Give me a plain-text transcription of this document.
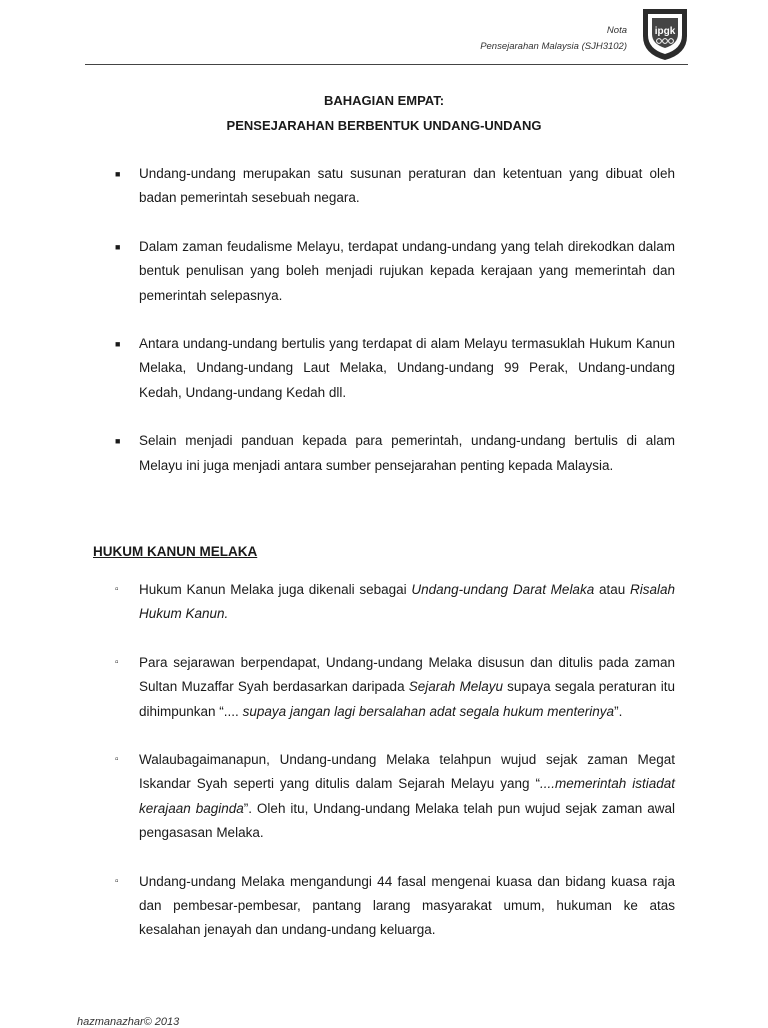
Nota
Pensejarahan Malaysia (SJH3102)
ipgk
BAHAGIAN EMPAT:
PENSEJARAHAN BERBENTUK UNDANG-UNDANG
■ Undang-undang merupakan satu susunan peraturan dan ketentuan yang dibuat oleh badan pemerintah sesebuah negara.
■ Dalam zaman feudalisme Melayu, terdapat undang-undang yang telah direkodkan dalam bentuk penulisan yang boleh menjadi rujukan kepada kerajaan yang memerintah dan pemerintah selepasnya.
■ Antara undang-undang bertulis yang terdapat di alam Melayu termasuklah Hukum Kanun Melaka, Undang-undang Laut Melaka, Undang-undang 99 Perak, Undang-undang Kedah, Undang-undang Kedah dll.
■ Selain menjadi panduan kepada para pemerintah, undang-undang bertulis di alam Melayu ini juga menjadi antara sumber pensejarahan penting kepada Malaysia.
HUKUM KANUN MELAKA
▫ Hukum Kanun Melaka juga dikenali sebagai Undang-undang Darat Melaka atau Risalah Hukum Kanun.
▫ Para sejarawan berpendapat, Undang-undang Melaka disusun dan ditulis pada zaman Sultan Muzaffar Syah berdasarkan daripada Sejarah Melayu supaya segala peraturan itu dihimpunkan “.... supaya jangan lagi bersalahan adat segala hukum menterinya”.
▫ Walaubagaimanapun, Undang-undang Melaka telahpun wujud sejak zaman Megat Iskandar Syah seperti yang ditulis dalam Sejarah Melayu yang “....memerintah istiadat kerajaan baginda”. Oleh itu, Undang-undang Melaka telah pun wujud sejak zaman awal pengasasan Melaka.
▫ Undang-undang Melaka mengandungi 44 fasal mengenai kuasa dan bidang kuasa raja dan pembesar-pembesar, pantang larang masyarakat umum, hukuman ke atas kesalahan jenayah dan undang-undang keluarga.
hazmanazhar© 2013
